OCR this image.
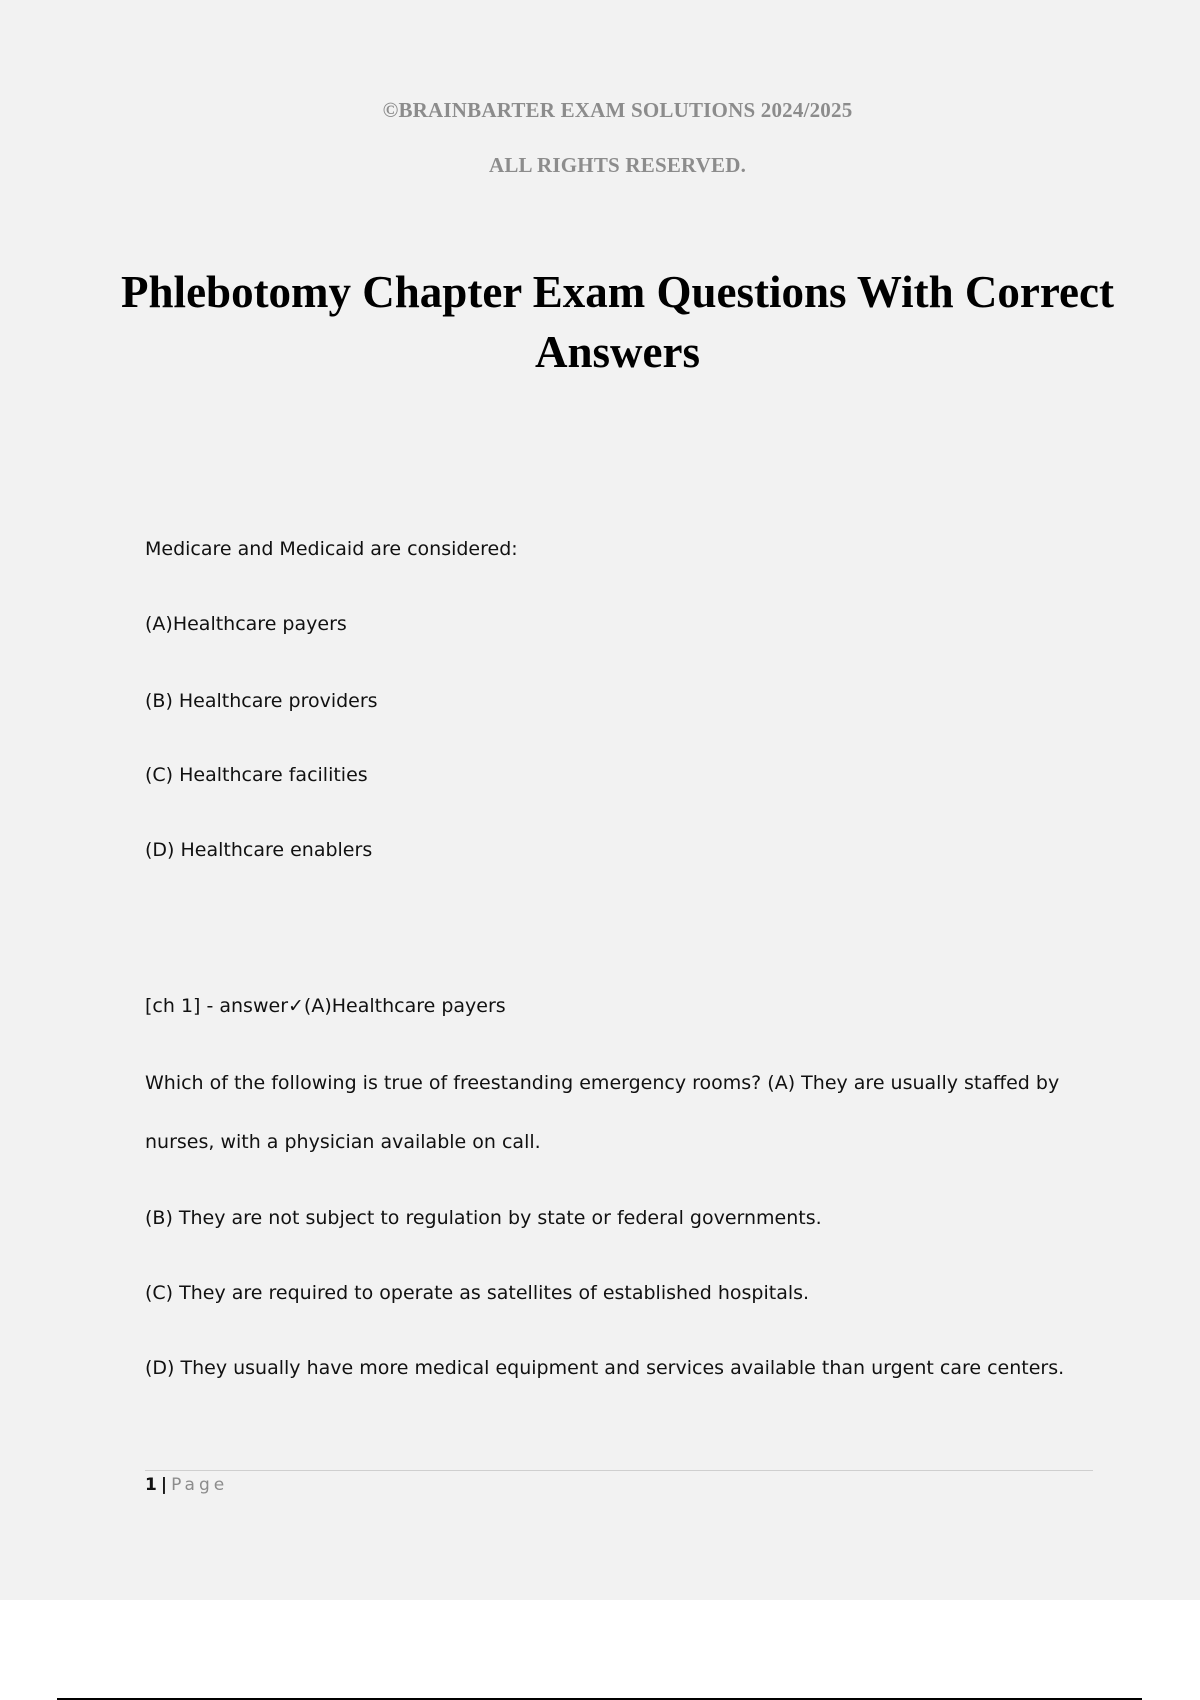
©BRAINBARTER EXAM SOLUTIONS 2024/2025
ALL RIGHTS RESERVED.
Phlebotomy Chapter Exam Questions With Correct Answers
Medicare and Medicaid are considered:
(A)Healthcare payers
(B) Healthcare providers
(C) Healthcare facilities
(D) Healthcare enablers
[ch 1] - answer✓(A)Healthcare payers
Which of the following is true of freestanding emergency rooms? (A) They are usually staffed by nurses, with a physician available on call.
(B) They are not subject to regulation by state or federal governments.
(C) They are required to operate as satellites of established hospitals.
(D) They usually have more medical equipment and services available than urgent care centers.
1 | Page
